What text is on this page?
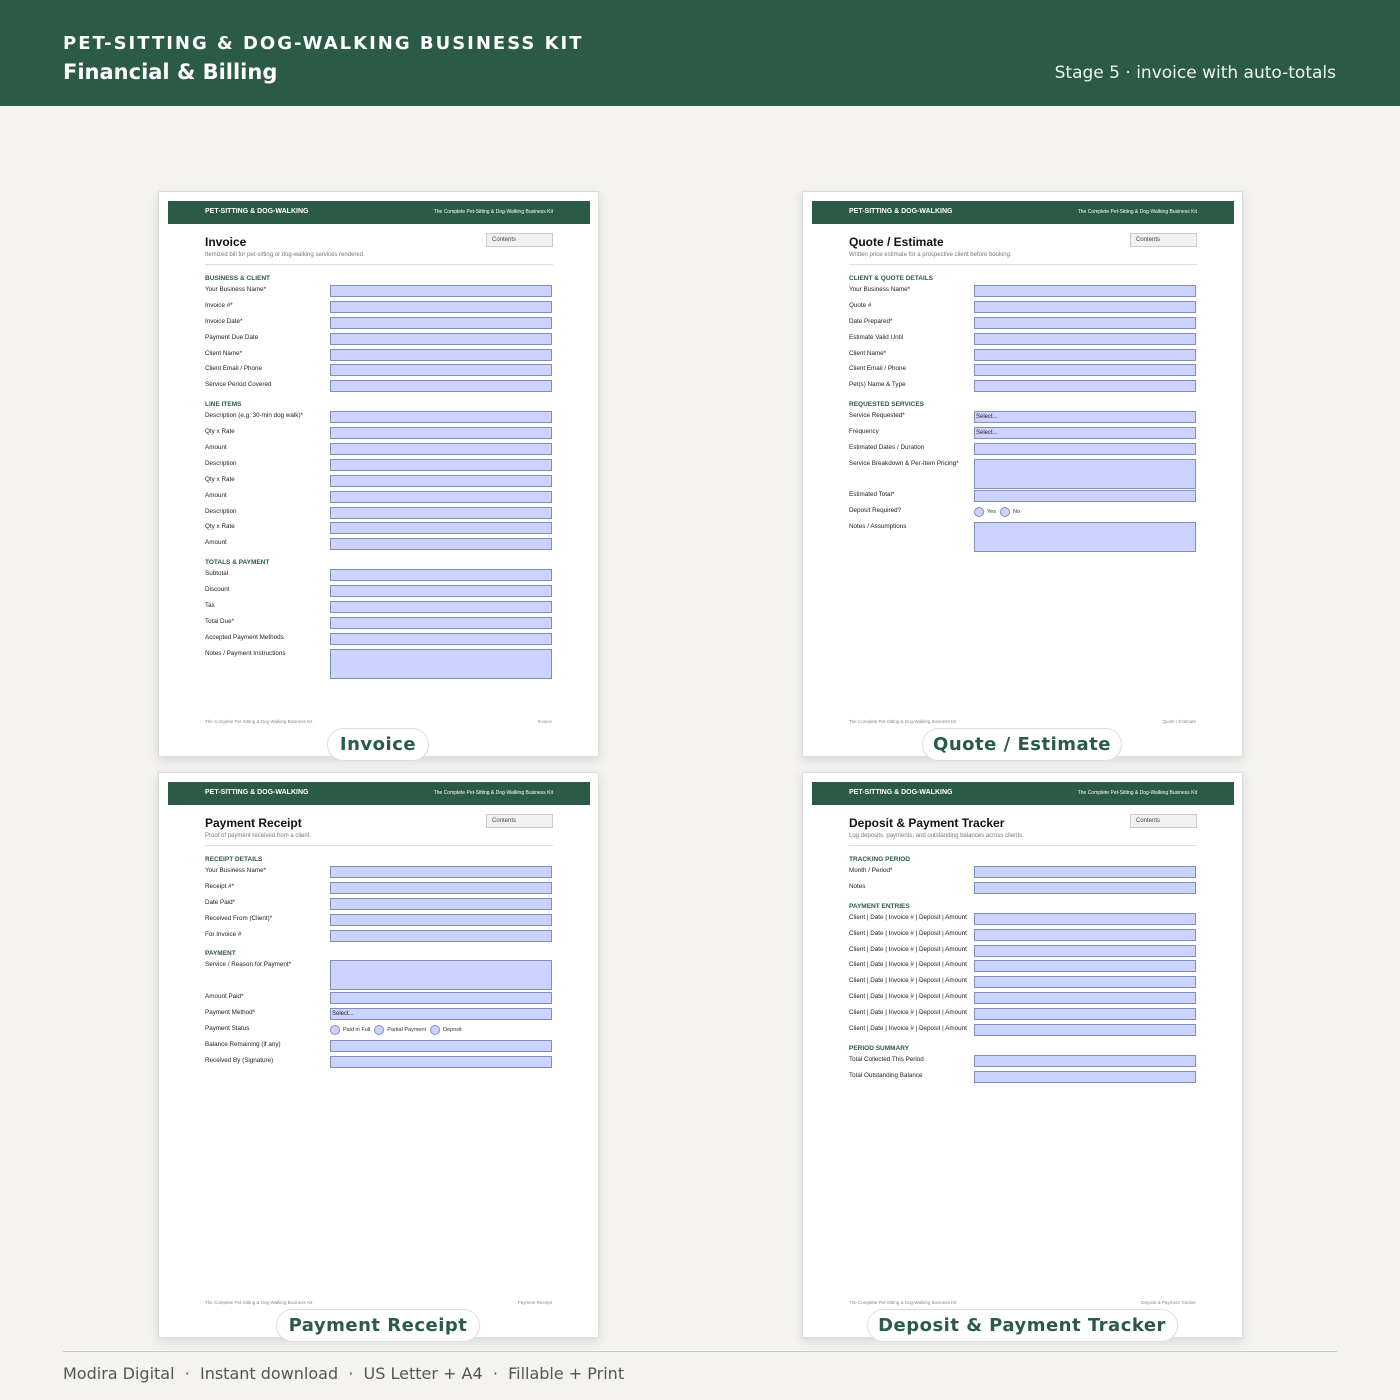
PET-SITTING & DOG-WALKING BUSINESS KIT
Financial & Billing	Stage 5 · invoice with auto-totals
PET-SITTING & DOG-WALKING	The Complete Pet-Sitting & Dog-Walking Business Kit
Invoice
Itemized bill for pet-sitting or dog-walking services rendered.
Contents
BUSINESS & CLIENT
Your Business Name*
Invoice #*
Invoice Date*
Payment Due Date
Client Name*
Client Email / Phone
Service Period Covered
LINE ITEMS
Description (e.g. 30-min dog walk)*
Qty x Rate
Amount
Description
Qty x Rate
Amount
Description
Qty x Rate
Amount
TOTALS & PAYMENT
Subtotal
Discount
Tax
Total Due*
Accepted Payment Methods
Notes / Payment Instructions
The Complete Pet-Sitting & Dog-Walking Business Kit	Invoice
Invoice
PET-SITTING & DOG-WALKING	The Complete Pet-Sitting & Dog-Walking Business Kit
Quote / Estimate
Written price estimate for a prospective client before booking.
Contents
CLIENT & QUOTE DETAILS
Your Business Name*
Quote #
Date Prepared*
Estimate Valid Until
Client Name*
Client Email / Phone
Pet(s) Name & Type
REQUESTED SERVICES
Service Requested*	Select...
Frequency	Select...
Estimated Dates / Duration
Service Breakdown & Per-Item Pricing*
Estimated Total*
Deposit Required?	Yes	No
Notes / Assumptions
The Complete Pet-Sitting & Dog-Walking Business Kit	Quote / Estimate
Quote / Estimate
PET-SITTING & DOG-WALKING	The Complete Pet-Sitting & Dog-Walking Business Kit
Payment Receipt
Proof of payment received from a client.
Contents
RECEIPT DETAILS
Your Business Name*
Receipt #*
Date Paid*
Received From (Client)*
For Invoice #
PAYMENT
Service / Reason for Payment*
Amount Paid*
Payment Method*	Select...
Payment Status	Paid in Full	Partial Payment	Deposit
Balance Remaining (if any)
Received By (Signature)
The Complete Pet-Sitting & Dog-Walking Business Kit	Payment Receipt
Payment Receipt
PET-SITTING & DOG-WALKING	The Complete Pet-Sitting & Dog-Walking Business Kit
Deposit & Payment Tracker
Log deposits, payments, and outstanding balances across clients.
Contents
TRACKING PERIOD
Month / Period*
Notes
PAYMENT ENTRIES
Client | Date | Invoice # | Deposit | Amount
Client | Date | Invoice # | Deposit | Amount
Client | Date | Invoice # | Deposit | Amount
Client | Date | Invoice # | Deposit | Amount
Client | Date | Invoice # | Deposit | Amount
Client | Date | Invoice # | Deposit | Amount
Client | Date | Invoice # | Deposit | Amount
Client | Date | Invoice # | Deposit | Amount
PERIOD SUMMARY
Total Collected This Period
Total Outstanding Balance
The Complete Pet-Sitting & Dog-Walking Business Kit	Deposit & Payment Tracker
Deposit & Payment Tracker
Modira Digital  ·  Instant download  ·  US Letter + A4  ·  Fillable + Print
